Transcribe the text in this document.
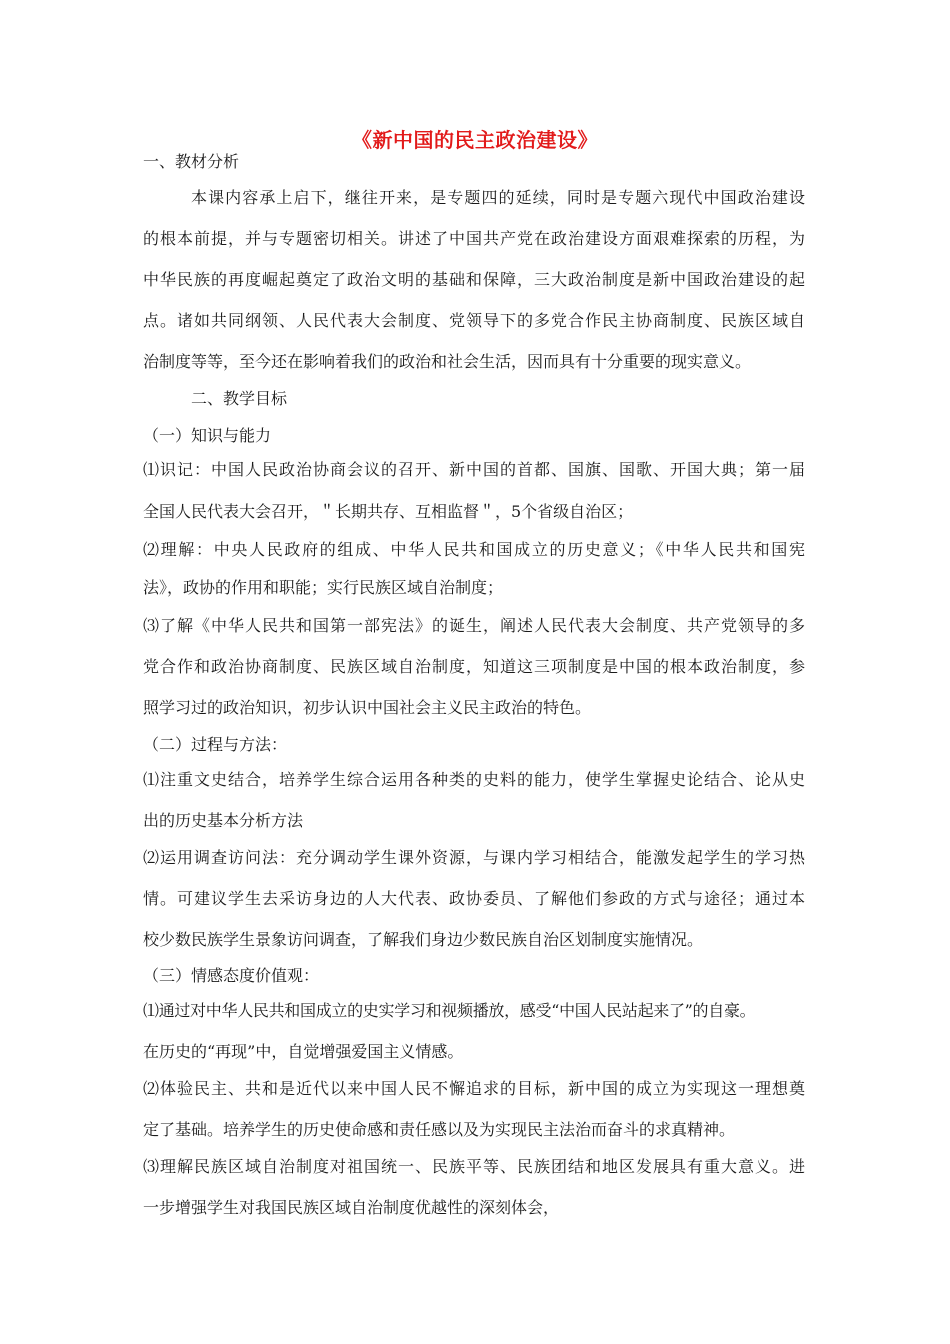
《新中国的民主政治建设》
一、教材分析
本课内容承上启下，继往开来，是专题四的延续，同时是专题六现代中国政治建设
的根本前提，并与专题密切相关。讲述了中国共产党在政治建设方面艰难探索的历程，为
中华民族的再度崛起奠定了政治文明的基础和保障，三大政治制度是新中国政治建设的起
点。诸如共同纲领、人民代表大会制度、党领导下的多党合作民主协商制度、民族区域自
治制度等等，至今还在影响着我们的政治和社会生活，因而具有十分重要的现实意义。
二、教学目标
（一）知识与能力
⑴识记：中国人民政治协商会议的召开、新中国的首都、国旗、国歌、开国大典；第一届
全国人民代表大会召开，＂长期共存、互相监督＂，5个省级自治区；
⑵理解：中央人民政府的组成、中华人民共和国成立的历史意义；《中华人民共和国宪
法》，政协的作用和职能；实行民族区域自治制度；
⑶了解《中华人民共和国第一部宪法》的诞生，阐述人民代表大会制度、共产党领导的多
党合作和政治协商制度、民族区域自治制度，知道这三项制度是中国的根本政治制度，参
照学习过的政治知识，初步认识中国社会主义民主政治的特色。
（二）过程与方法：
⑴注重文史结合，培养学生综合运用各种类的史料的能力，使学生掌握史论结合、论从史
出的历史基本分析方法
⑵运用调查访问法：充分调动学生课外资源，与课内学习相结合，能激发起学生的学习热
情。可建议学生去采访身边的人大代表、政协委员、了解他们参政的方式与途径；通过本
校少数民族学生景象访问调查，了解我们身边少数民族自治区划制度实施情况。
（三）情感态度价值观：
⑴通过对中华人民共和国成立的史实学习和视频播放，感受“中国人民站起来了”的自豪。
在历史的“再现”中，自觉增强爱国主义情感。
⑵体验民主、共和是近代以来中国人民不懈追求的目标，新中国的成立为实现这一理想奠
定了基础。培养学生的历史使命感和责任感以及为实现民主法治而奋斗的求真精神。
⑶理解民族区域自治制度对祖国统一、民族平等、民族团结和地区发展具有重大意义。进
一步增强学生对我国民族区域自治制度优越性的深刻体会，
